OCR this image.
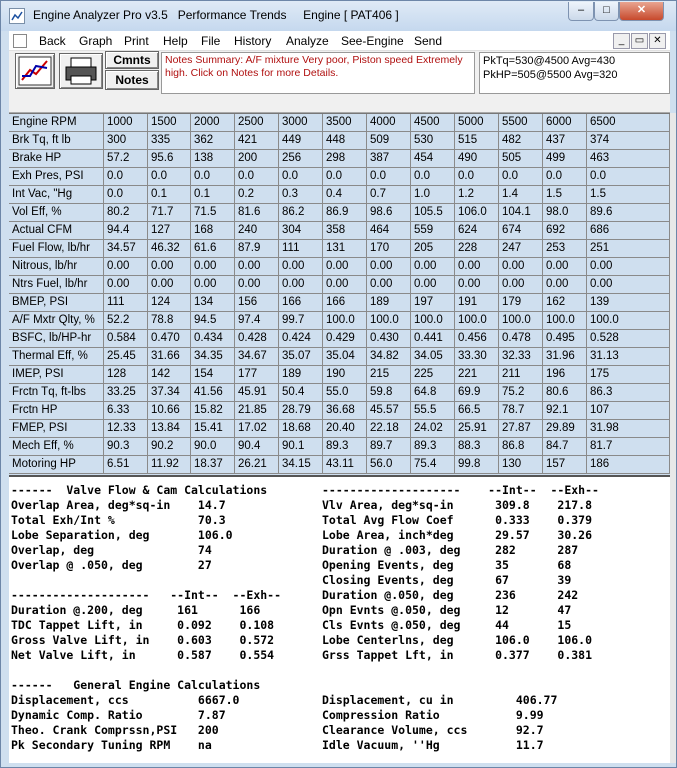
Engine Analyzer Pro v3.5   Performance Trends     Engine [ PAT406 ]	–	□	✕
Back Graph Print Help File History Analyze See-Engine Send	_	▭ ✕
Cmnts
Notes
Notes Summary: A/F mixture Very poor, Piston speed Extremely high. Click on Notes for more Details.
PkTq=530@4500 Avg=430
PkHP=505@5500 Avg=320
Engine RPM	1000	1500	2000	2500	3000	3500	4000	4500	5000	5500	6000	6500
Brk Tq, ft lb	300	335	362	421	449	448	509	530	515	482	437	374
Brake HP	57.2	95.6	138	200	256	298	387	454	490	505	499	463
Exh Pres, PSI	0.0	0.0	0.0	0.0	0.0	0.0	0.0	0.0	0.0	0.0	0.0	0.0
Int Vac, "Hg	0.0	0.1	0.1	0.2	0.3	0.4	0.7	1.0	1.2	1.4	1.5	1.5
Vol Eff, %	80.2	71.7	71.5	81.6	86.2	86.9	98.6	105.5	106.0	104.1	98.0	89.6
Actual CFM	94.4	127	168	240	304	358	464	559	624	674	692	686
Fuel Flow, lb/hr	34.57	46.32	61.6	87.9	111	131	170	205	228	247	253	251
Nitrous, lb/hr	0.00	0.00	0.00	0.00	0.00	0.00	0.00	0.00	0.00	0.00	0.00	0.00
Ntrs Fuel, lb/hr	0.00	0.00	0.00	0.00	0.00	0.00	0.00	0.00	0.00	0.00	0.00	0.00
BMEP, PSI	111	124	134	156	166	166	189	197	191	179	162	139
A/F Mxtr Qlty, %	52.2	78.8	94.5	97.4	99.7	100.0	100.0	100.0	100.0	100.0	100.0	100.0
BSFC, lb/HP-hr	0.584	0.470	0.434	0.428	0.424	0.429	0.430	0.441	0.456	0.478	0.495	0.528
Thermal Eff, %	25.45	31.66	34.35	34.67	35.07	35.04	34.82	34.05	33.30	32.33	31.96	31.13
IMEP, PSI	128	142	154	177	189	190	215	225	221	211	196	175
Frctn Tq, ft-lbs	33.25	37.34	41.56	45.91	50.4	55.0	59.8	64.8	69.9	75.2	80.6	86.3
Frctn HP	6.33	10.66	15.82	21.85	28.79	36.68	45.57	55.5	66.5	78.7	92.1	107
FMEP, PSI	12.33	13.84	15.41	17.02	18.68	20.40	22.18	24.02	25.91	27.87	29.89	31.98
Mech Eff, %	90.3	90.2	90.0	90.4	90.1	89.3	89.7	89.3	88.3	86.8	84.7	81.7
Motoring HP	6.51	11.92	18.37	26.21	34.15	43.11	56.0	75.4	99.8	130	157	186
------  Valve Flow & Cam Calculations
Overlap Area, deg*sq-in    14.7
Total Exh/Int %            70.3
Lobe Separation, deg       106.0
Overlap, deg               74
Overlap @ .050, deg        27
--------------------   --Int--  --Exh--
Duration @.200, deg     161      166
TDC Tappet Lift, in     0.092    0.108
Gross Valve Lift, in    0.603    0.572
Net Valve Lift, in      0.587    0.554
------   General Engine Calculations
Displacement, ccs          6667.0
Dynamic Comp. Ratio        7.87
Theo. Crank Comprssn,PSI   200
Pk Secondary Tuning RPM    na
--------------------    --Int--  --Exh--
Vlv Area, deg*sq-in      309.8    217.8
Total Avg Flow Coef      0.333    0.379
Lobe Area, inch*deg      29.57    30.26
Duration @ .003, deg     282      287
Opening Events, deg      35       68
Closing Events, deg      67       39
Duration @.050, deg      236      242
Opn Evnts @.050, deg     12       47
Cls Evnts @.050, deg     44       15
Lobe Centerlns, deg      106.0    106.0
Grss Tappet Lft, in      0.377    0.381
Displacement, cu in         406.77
Compression Ratio           9.99
Clearance Volume, ccs       92.7
Idle Vacuum, ''Hg           11.7
